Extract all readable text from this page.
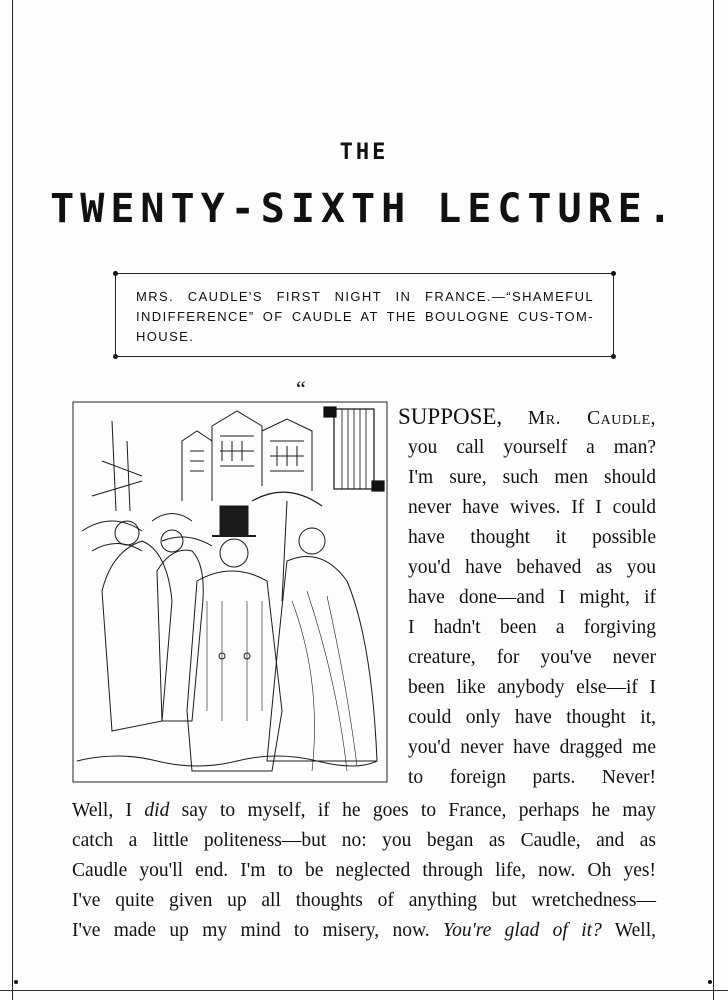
THE
TWENTY-SIXTH LECTURE.
MRS. CAUDLE'S FIRST NIGHT IN FRANCE.—“SHAMEFUL INDIFFERENCE” OF CAUDLE AT THE BOULOGNE CUS-TOM-HOUSE.
“
SUPPOSE, Mr. Caudle,
you call yourself a man?
I'm sure, such men should
never have wives. If I could
have thought it possible
you'd have behaved as you
have done—and I might, if
I hadn't been a forgiving
creature, for you've never
been like anybody else—if I
could only have thought it,
you'd never have dragged me
to foreign parts. Never!
Well, I did say to myself, if he goes to France, perhaps he may
catch a little politeness—but no: you began as Caudle, and as
Caudle you'll end. I'm to be neglected through life, now. Oh yes!
I've quite given up all thoughts of anything but wretchedness—
I've made up my mind to misery, now. You're glad of it? Well,
